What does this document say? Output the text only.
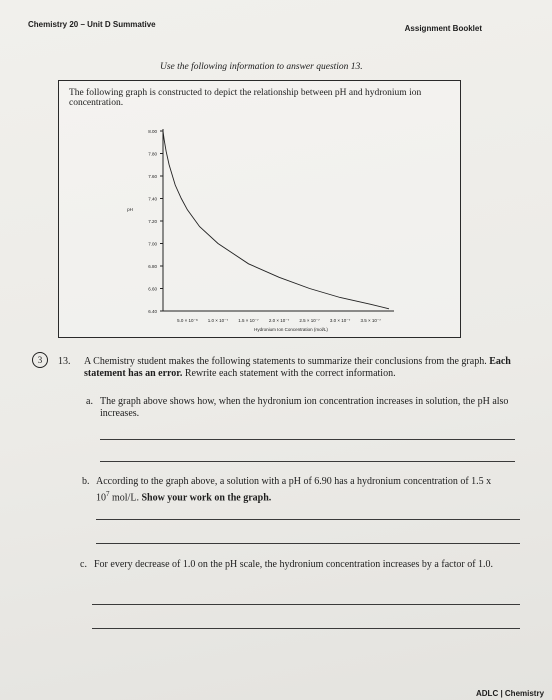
Chemistry 20 – Unit D Summative	Assignment Booklet
Use the following information to answer question 13.
The following graph is constructed to depict the relationship between pH and hydronium ion concentration.
8.00
7.80
7.60
7.40
7.20
7.00
6.80
6.60
6.40
5.0 × 10⁻⁸ 1.0 × 10⁻⁷ 1.5 × 10⁻⁷ 2.0 × 10⁻⁷ 2.5 × 10⁻⁷ 3.0 × 10⁻⁷ 3.5 × 10⁻⁷
pH
Hydronium Ion Concentration (mol/L)
3	13. A Chemistry student makes the following statements to summarize their conclusions from the graph. Each statement has an error. Rewrite each statement with the correct information.
a. The graph above shows how, when the hydronium ion concentration increases in solution, the pH also increases.
b. According to the graph above, a solution with a pH of 6.90 has a hydronium concentration of 1.5 x $10^7$ mol/L. Show your work on the graph.
c. For every decrease of 1.0 on the pH scale, the hydronium concentration increases by a factor of 1.0.
ADLC | Chemistry
